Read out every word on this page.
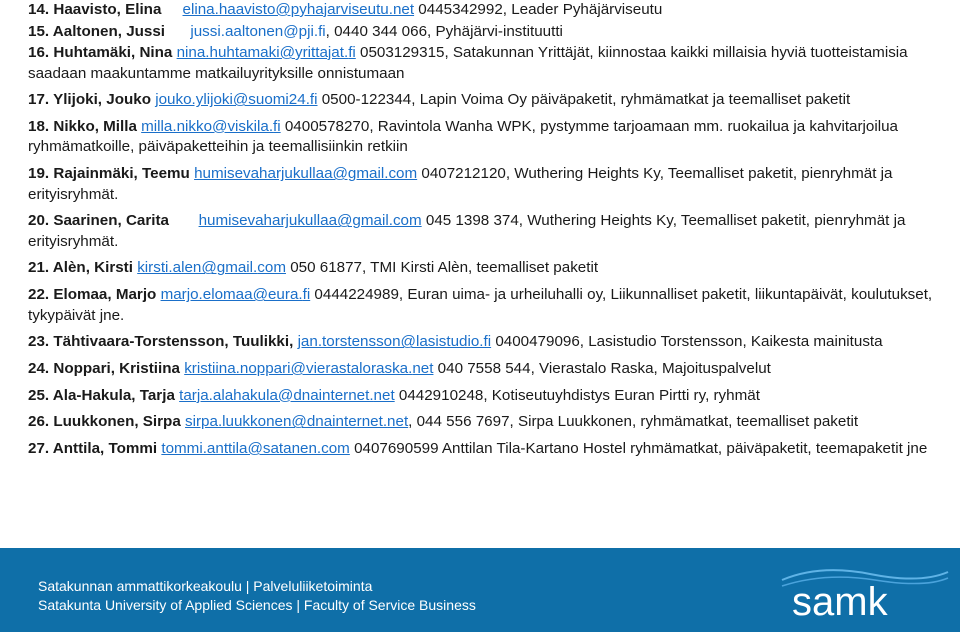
14. Haavisto, Elina elina.haavisto@pyhajarviseutu.net 0445342992, Leader Pyhäjärviseutu
15. Aaltonen, Jussi jussi.aaltonen@pji.fi, 0440 344 066, Pyhäjärvi-instituutti
16. Huhtamäki, Nina nina.huhtamaki@yrittajat.fi 0503129315, Satakunnan Yrittäjät, kiinnostaa kaikki millaisia hyviä tuotteistamisia saadaan maakuntamme matkailuyrityksille onnistumaan
17. Ylijoki, Jouko jouko.ylijoki@suomi24.fi 0500-122344, Lapin Voima Oy päiväpaketit, ryhmämatkat ja teemalliset paketit
18. Nikko, Milla milla.nikko@viskila.fi 0400578270, Ravintola Wanha WPK, pystymme tarjoamaan mm. ruokailua ja kahvitarjoilua ryhmämatkoille, päiväpaketteihin ja teemallisiinkin retkiin
19. Rajainmäki, Teemu humisevaharjukullaa@gmail.com 0407212120, Wuthering Heights Ky, Teemalliset paketit, pienryhmät ja erityisryhmät.
20. Saarinen, Carita humisevaharjukullaa@gmail.com 045 1398 374, Wuthering Heights Ky, Teemalliset paketit, pienryhmät ja erityisryhmät.
21. Alèn, Kirsti kirsti.alen@gmail.com 050 61877, TMI Kirsti Alèn, teemalliset paketit
22. Elomaa, Marjo marjo.elomaa@eura.fi 0444224989, Euran uima- ja urheiluhalli oy, Liikunnalliset paketit, liikuntapäivät, koulutukset, tykypäivät jne.
23. Tähtivaara-Torstensson, Tuulikki, jan.torstensson@lasistudio.fi 0400479096, Lasistudio Torstensson, Kaikesta mainitusta
24. Noppari, Kristiina kristiina.noppari@vierastaloraska.net 040 7558 544, Vierastalo Raska, Majoituspalvelut
25. Ala-Hakula, Tarja tarja.alahakula@dnainternet.net 0442910248, Kotiseutuyhdistys Euran Pirtti ry, ryhmät
26. Luukkonen, Sirpa sirpa.luukkonen@dnainternet.net, 044 556 7697, Sirpa Luukkonen, ryhmämatkat, teemalliset paketit
27. Anttila, Tommi tommi.anttila@satanen.com 0407690599 Anttilan Tila-Kartano Hostel ryhmämatkat, päiväpaketit, teemapaketit jne
Satakunnan ammattikorkeakoulu | Palveluliiketoiminta
Satakunta University of Applied Sciences | Faculty of Service Business	samk
